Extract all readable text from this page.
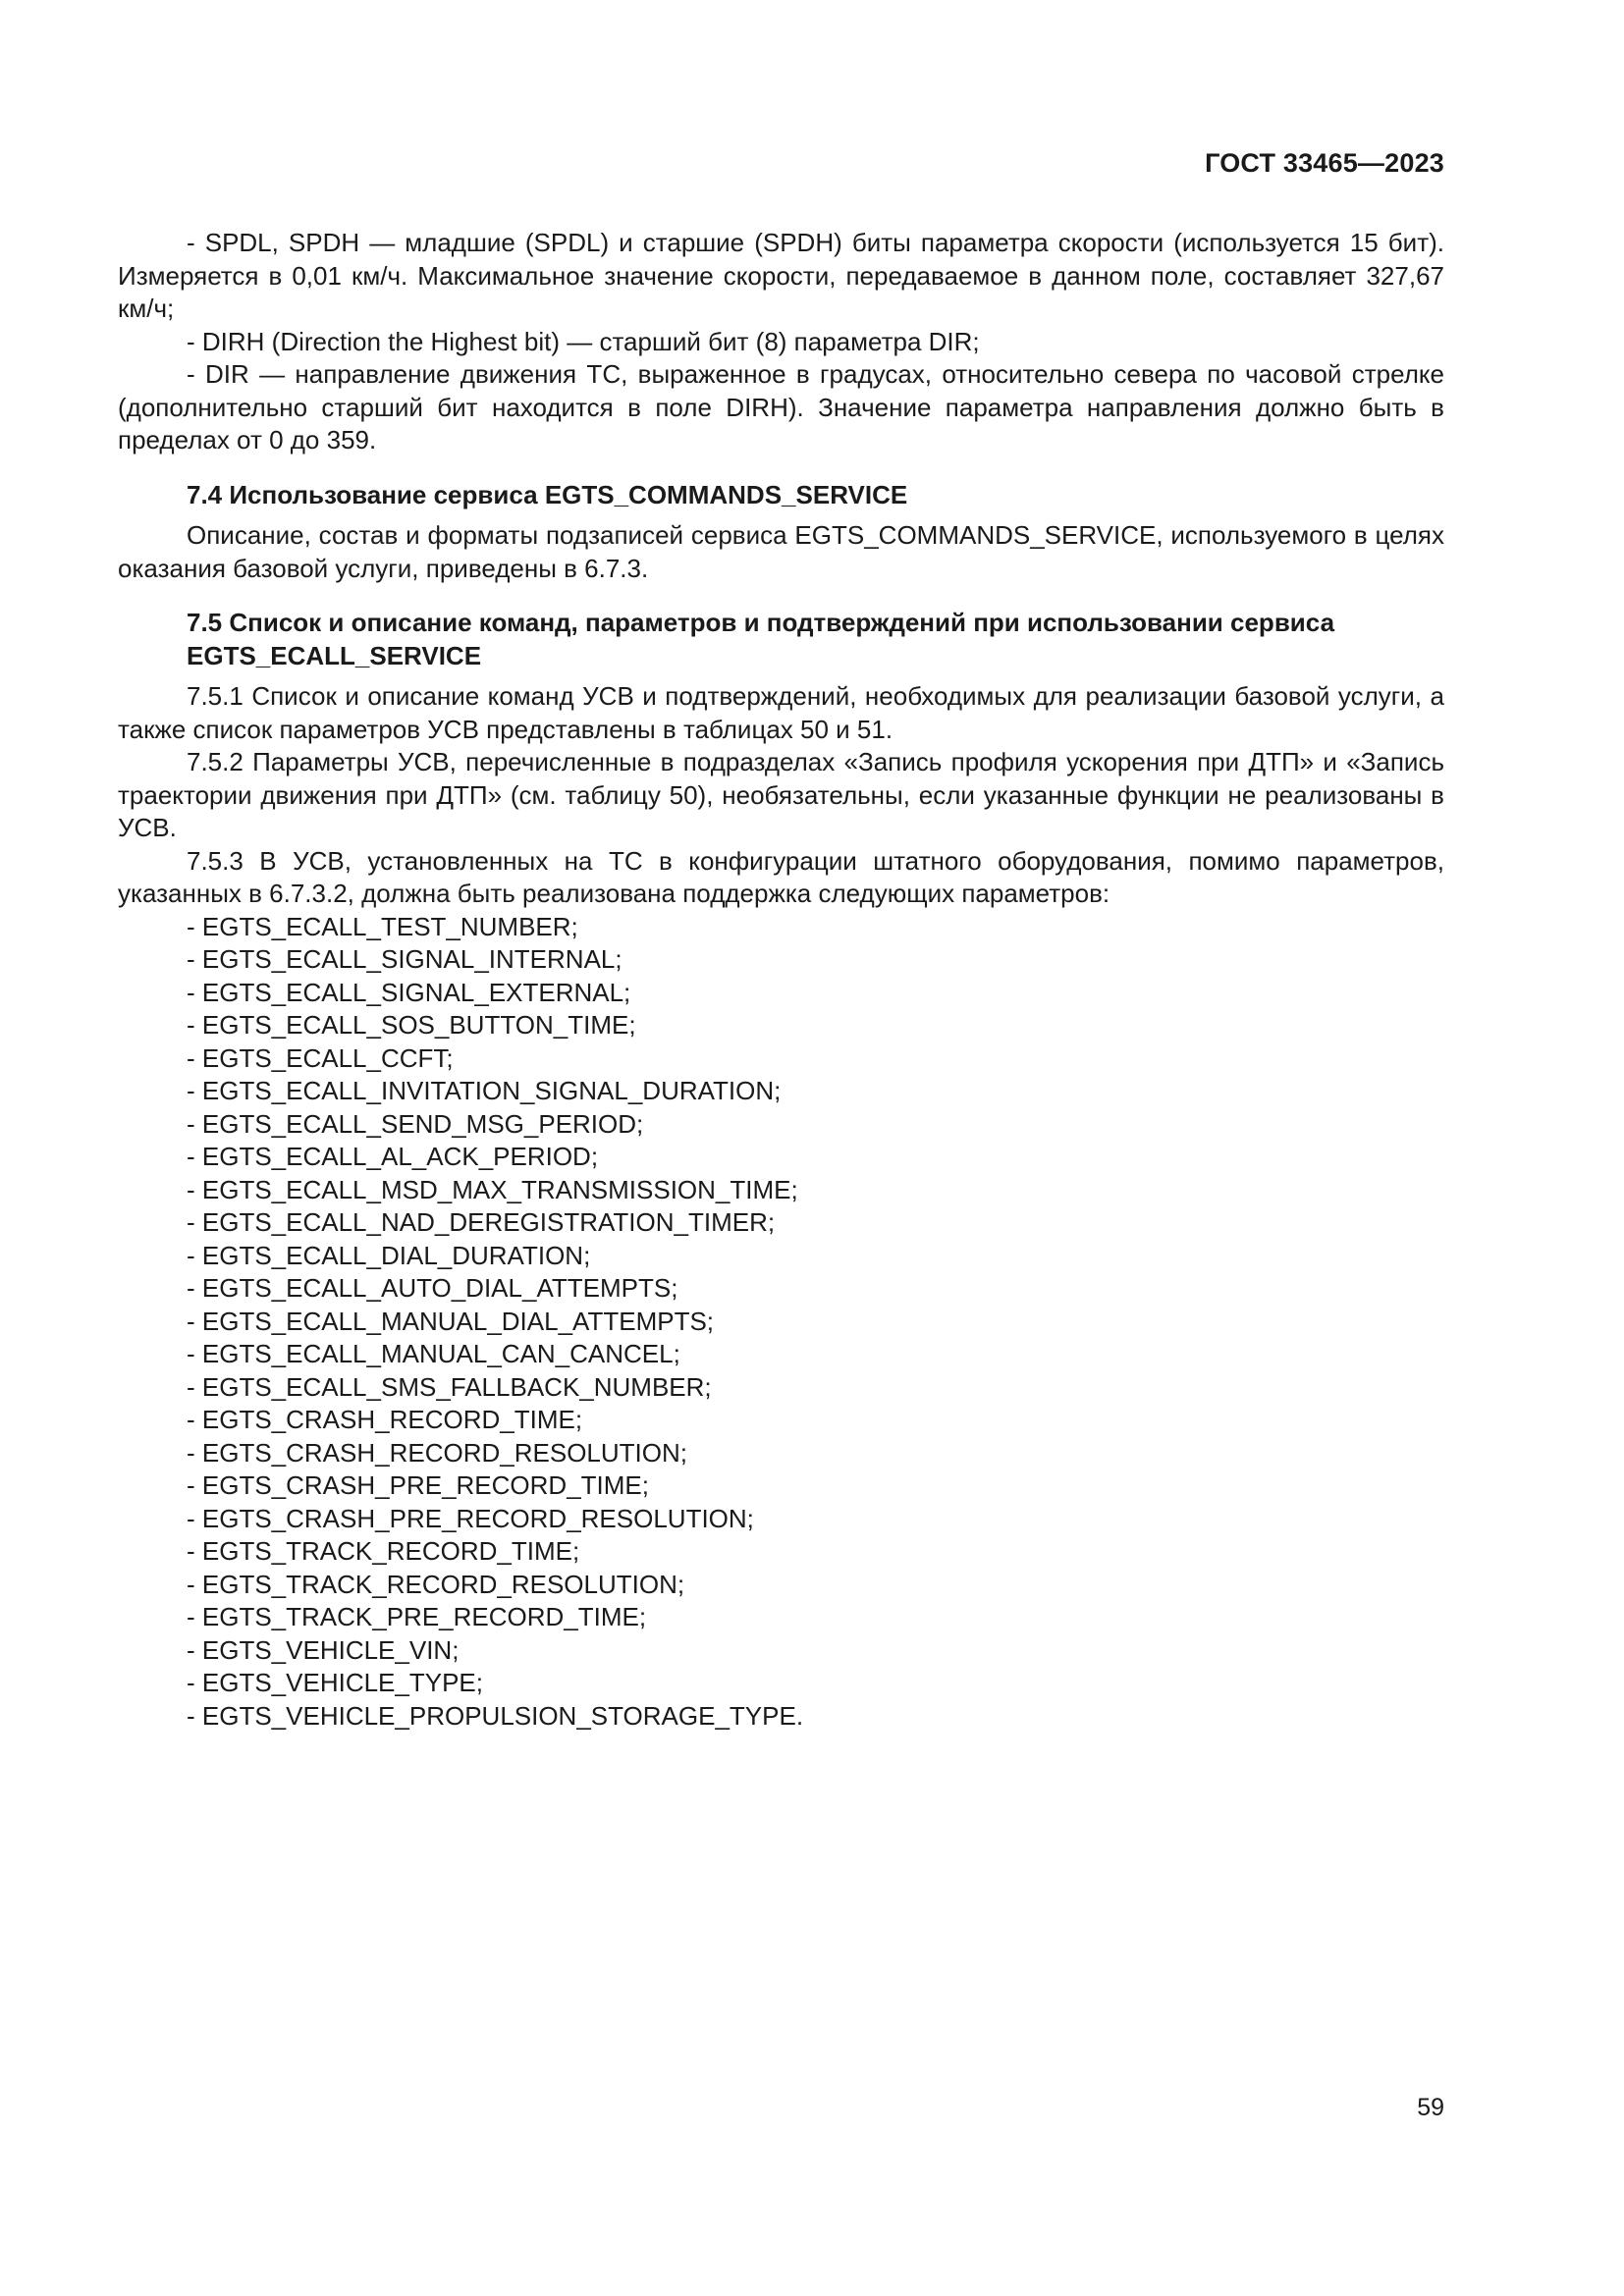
ГОСТ 33465—2023

- SPDL, SPDH — младшие (SPDL) и старшие (SPDH) биты параметра скорости (используется 15 бит). Измеряется в 0,01 км/ч. Максимальное значение скорости, передаваемое в данном поле, составляет 327,67 км/ч;

- DIRH (Direction the Highest bit) — старший бит (8) параметра DIR;

- DIR — направление движения ТС, выраженное в градусах, относительно севера по часовой стрелке (дополнительно старший бит находится в поле DIRH). Значение параметра направления должно быть в пределах от 0 до 359.

7.4 Использование сервиса EGTS_COMMANDS_SERVICE

Описание, состав и форматы подзаписей сервиса EGTS_COMMANDS_SERVICE, используемого в целях оказания базовой услуги, приведены в 6.7.3.

7.5 Список и описание команд, параметров и подтверждений при использовании сервиса EGTS_ECALL_SERVICE

7.5.1 Список и описание команд УСВ и подтверждений, необходимых для реализации базовой услуги, а также список параметров УСВ представлены в таблицах 50 и 51.

7.5.2 Параметры УСВ, перечисленные в подразделах «Запись профиля ускорения при ДТП» и «Запись траектории движения при ДТП» (см. таблицу 50), необязательны, если указанные функции не реализованы в УСВ.

7.5.3 В УСВ, установленных на ТС в конфигурации штатного оборудования, помимо параметров, указанных в 6.7.3.2, должна быть реализована поддержка следующих параметров:

- EGTS_ECALL_TEST_NUMBER;
- EGTS_ECALL_SIGNAL_INTERNAL;
- EGTS_ECALL_SIGNAL_EXTERNAL;
- EGTS_ECALL_SOS_BUTTON_TIME;
- EGTS_ECALL_CCFT;
- EGTS_ECALL_INVITATION_SIGNAL_DURATION;
- EGTS_ECALL_SEND_MSG_PERIOD;
- EGTS_ECALL_AL_ACK_PERIOD;
- EGTS_ECALL_MSD_MAX_TRANSMISSION_TIME;
- EGTS_ECALL_NAD_DEREGISTRATION_TIMER;
- EGTS_ECALL_DIAL_DURATION;
- EGTS_ECALL_AUTO_DIAL_ATTEMPTS;
- EGTS_ECALL_MANUAL_DIAL_ATTEMPTS;
- EGTS_ECALL_MANUAL_CAN_CANCEL;
- EGTS_ECALL_SMS_FALLBACK_NUMBER;
- EGTS_CRASH_RECORD_TIME;
- EGTS_CRASH_RECORD_RESOLUTION;
- EGTS_CRASH_PRE_RECORD_TIME;
- EGTS_CRASH_PRE_RECORD_RESOLUTION;
- EGTS_TRACK_RECORD_TIME;
- EGTS_TRACK_RECORD_RESOLUTION;
- EGTS_TRACK_PRE_RECORD_TIME;
- EGTS_VEHICLE_VIN;
- EGTS_VEHICLE_TYPE;
- EGTS_VEHICLE_PROPULSION_STORAGE_TYPE.
59
